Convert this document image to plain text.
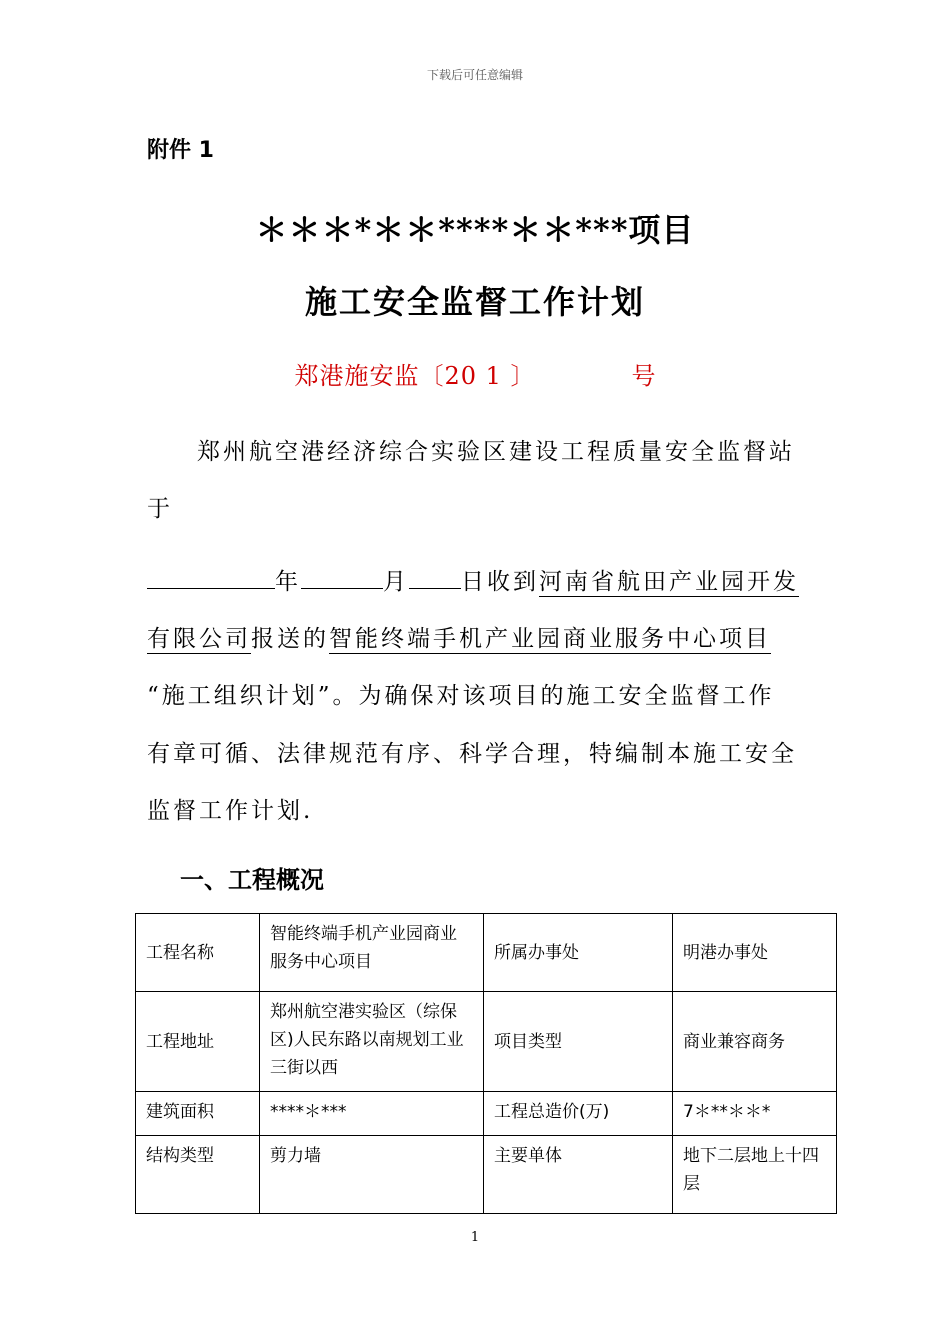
下载后可任意编辑
附件 1
＊＊＊*＊＊****＊＊***项目
施工安全监督工作计划
郑港施安监〔20 1 〕	号
郑州航空港经济综合实验区建设工程质量安全监督站
于
年	月 日收到河南省航田产业园开发
有限公司报送的智能终端手机产业园商业服务中心项目
“施工组织计划”。为确保对该项目的施工安全监督工作
有章可循、法律规范有序、科学合理，特编制本施工安全
监督工作计划.
一、工程概况
工程名称	智能终端手机产业园商业服务中心项目	所属办事处	明港办事处
工程地址	郑州航空港实验区（综保区)人民东路以南规划工业三街以西	项目类型	商业兼容商务
建筑面积	****＊***	工程总造价(万)	7＊**＊＊*
结构类型	剪力墙	主要单体	地下二层地上十四层
1
